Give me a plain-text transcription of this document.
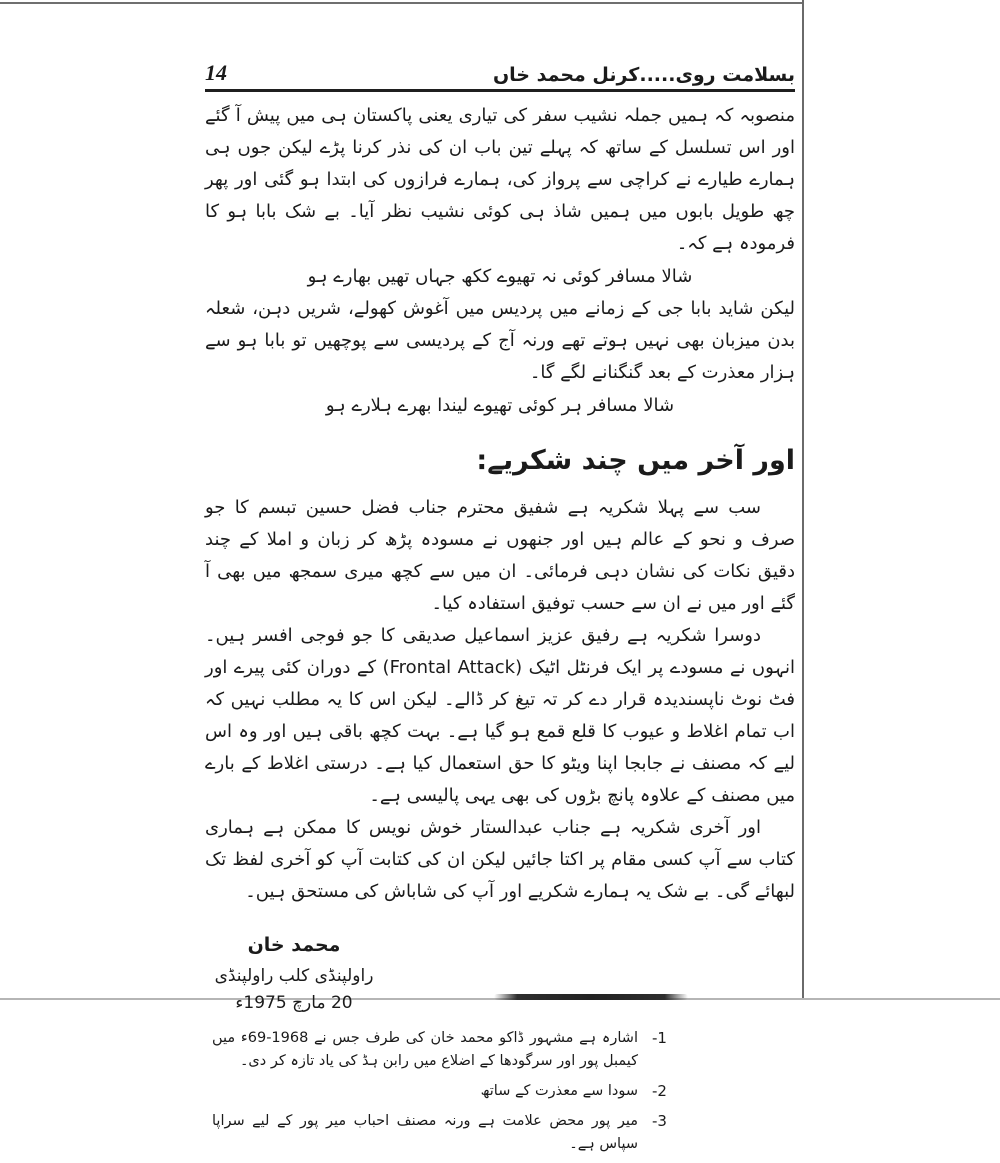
بسلامت روی.....کرنل محمد خاں
14

منصوبہ کہ ہمیں جملہ نشیب سفر کی تیاری یعنی پاکستان ہی میں پیش آ گئے اور اس تسلسل کے ساتھ کہ پہلے تین باب ان کی نذر کرنا پڑے لیکن جوں ہی ہمارے طیارے نے کراچی سے پرواز کی، ہمارے فرازوں کی ابتدا ہو گئی اور پھر چھ طویل بابوں میں ہمیں شاذ ہی کوئی نشیب نظر آیا۔ بے شک بابا ہو کا فرمودہ ہے کہ۔

شالا مسافر کوئی نہ تھیوے ککھ جہاں تھیں بھارے ہو

لیکن شاید بابا جی کے زمانے میں پردیس میں آغوش کھولے، شریں دہن، شعلہ بدن میزبان بھی نہیں ہوتے تھے ورنہ آج کے پردیسی سے پوچھیں تو بابا ہو سے ہزار معذرت کے بعد گنگنانے لگے گا۔

شالا مسافر ہر کوئی تھیوے لیندا بھرے ہلارے ہو

اور آخر میں چند شکریے:

سب سے پہلا شکریہ ہے شفیق محترم جناب فضل حسین تبسم کا جو صرف و نحو کے عالم ہیں اور جنھوں نے مسودہ پڑھ کر زبان و املا کے چند دقیق نکات کی نشان دہی فرمائی۔ ان میں سے کچھ میری سمجھ میں بھی آ گئے اور میں نے ان سے حسب توفیق استفادہ کیا۔

دوسرا شکریہ ہے رفیق عزیز اسماعیل صدیقی کا جو فوجی افسر ہیں۔ انہوں نے مسودے پر ایک فرنٹل اٹیک (Frontal Attack) کے دوران کئی پیرے اور فٹ نوٹ ناپسندیدہ قرار دے کر تہ تیغ کر ڈالے۔ لیکن اس کا یہ مطلب نہیں کہ اب تمام اغلاط و عیوب کا قلع قمع ہو گیا ہے۔ بہت کچھ باقی ہیں اور وہ اس لیے کہ مصنف نے جابجا اپنا ویٹو کا حق استعمال کیا ہے۔ درستی اغلاط کے بارے میں مصنف کے علاوہ پانچ بڑوں کی بھی یہی پالیسی ہے۔

اور آخری شکریہ ہے جناب عبدالستار خوش نویس کا ممکن ہے ہماری کتاب سے آپ کسی مقام پر اکتا جائیں لیکن ان کی کتابت آپ کو آخری لفظ تک لبھائے گی۔ بے شک یہ ہمارے شکریے اور آپ کی شاباش کی مستحق ہیں۔

محمد خان
راولپنڈی کلب راولپنڈی
20 مارچ 1975ء
-1
اشارہ ہے مشہور ڈاکو محمد خان کی طرف جس نے 1968-69ء میں کیمبل پور اور سرگودھا کے اضلاع میں رابن ہڈ کی یاد تازہ کر دی۔
-2
سودا سے معذرت کے ساتھ
-3
میر پور محض علامت ہے ورنہ مصنف احباب میر پور کے لیے سراپا سپاس ہے۔
